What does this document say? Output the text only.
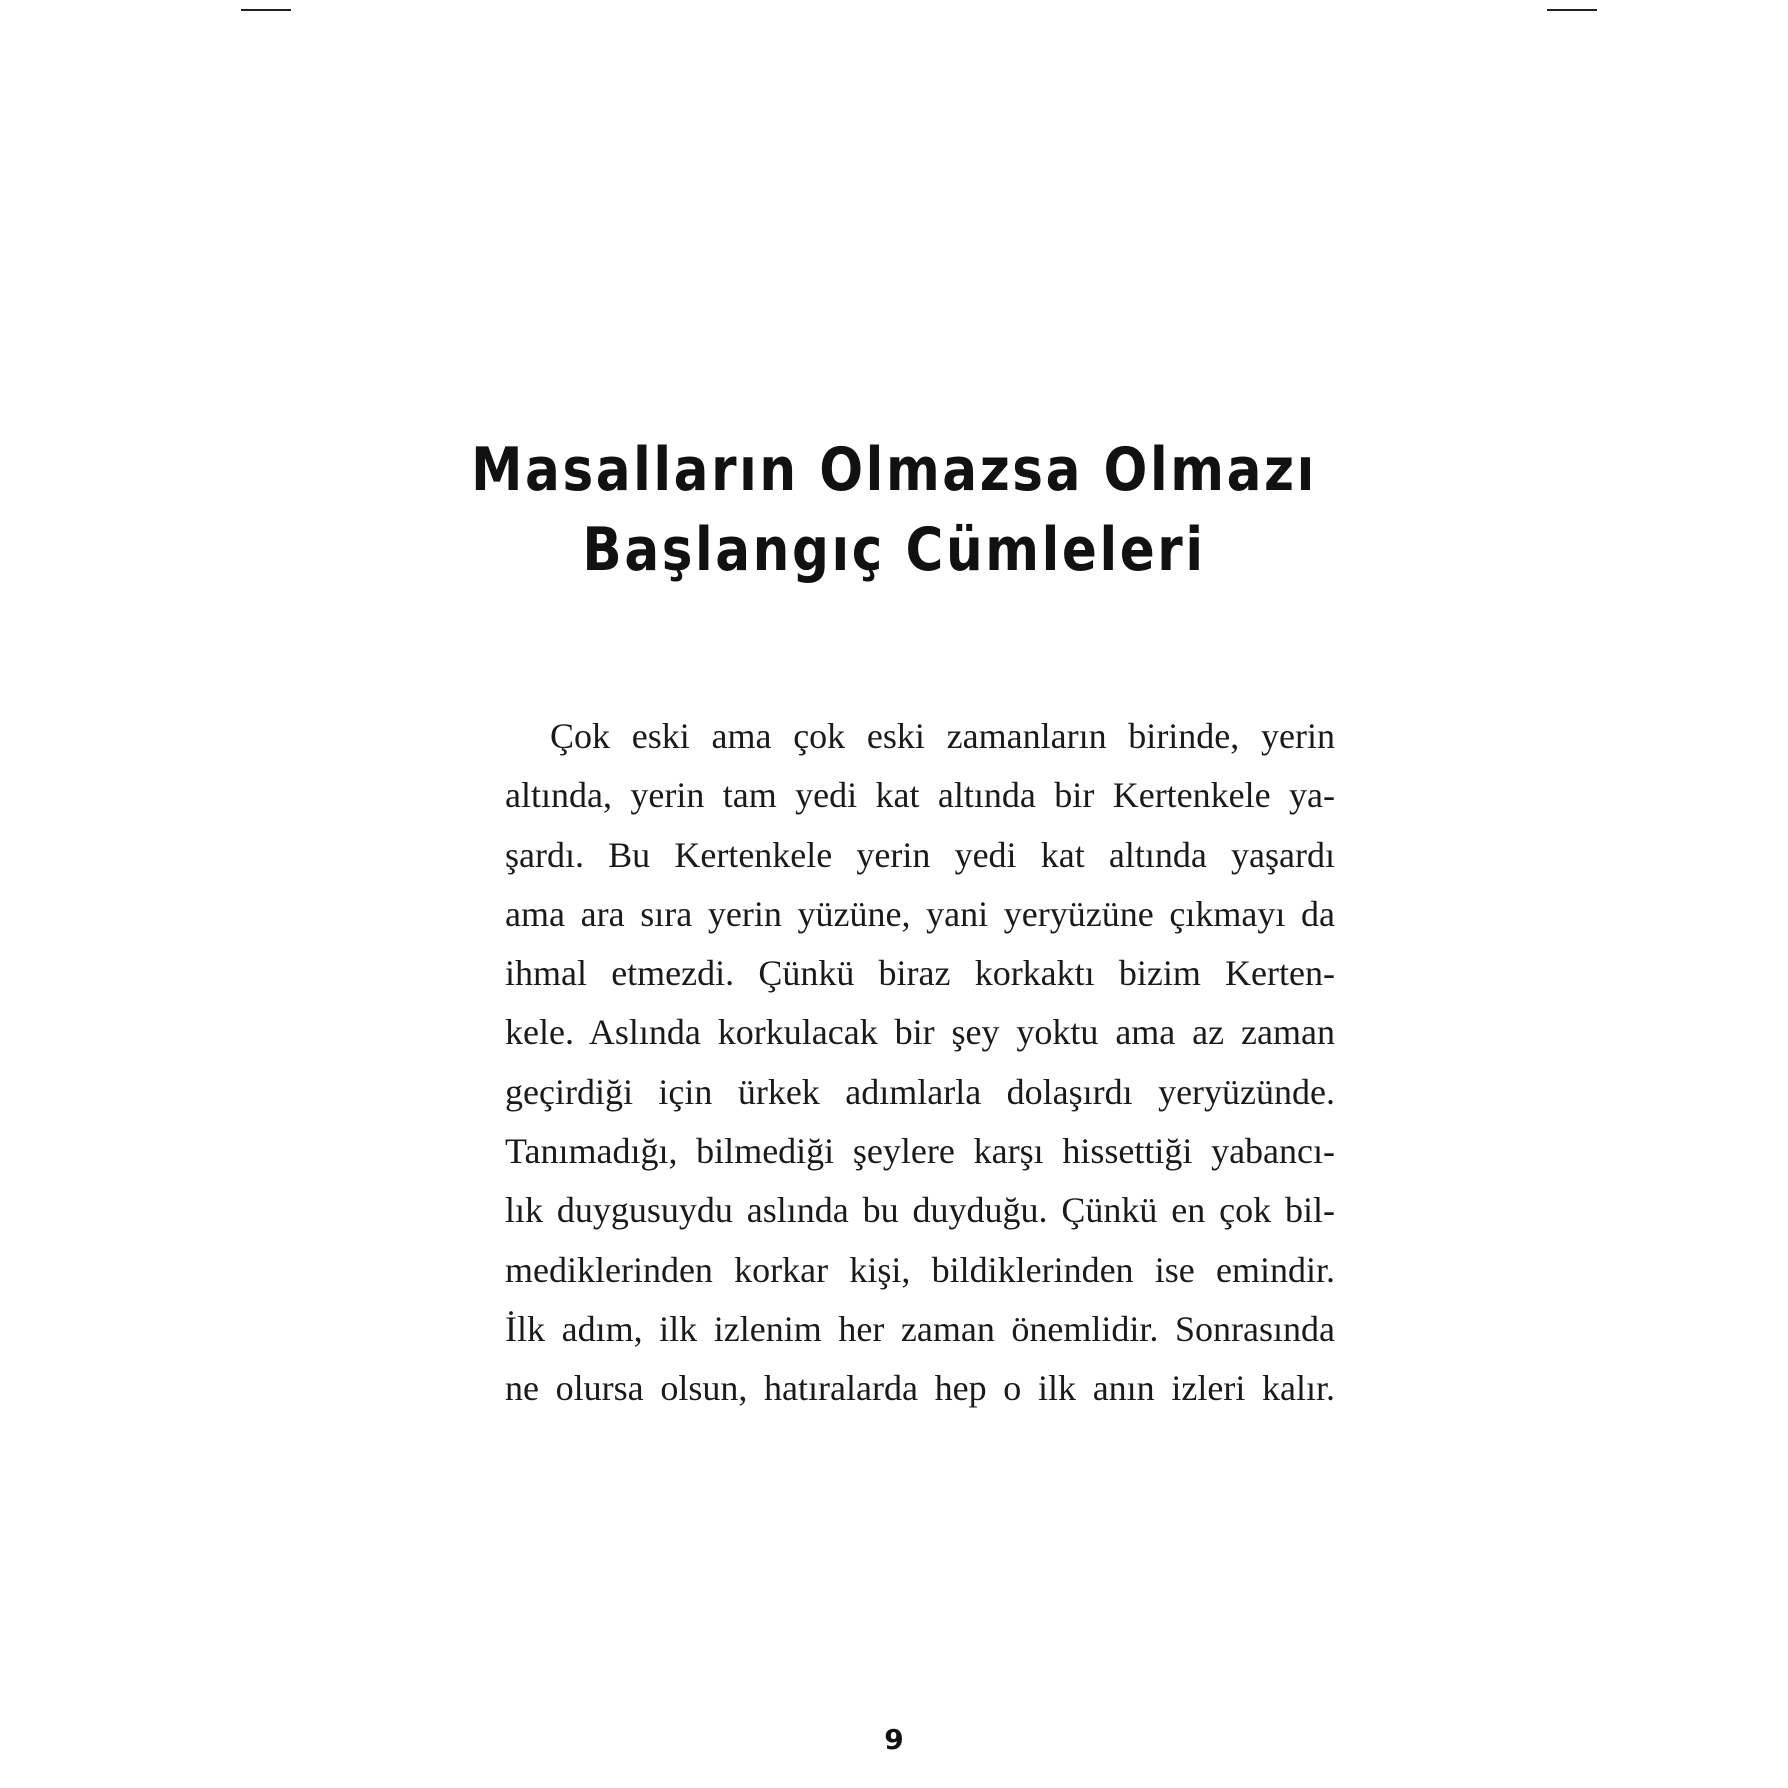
Masalların Olmazsa Olmazı
Başlangıç Cümleleri
Çok eski ama çok eski zamanların birinde, yerin
altında, yerin tam yedi kat altında bir Kertenkele ya-
şardı. Bu Kertenkele yerin yedi kat altında yaşardı
ama ara sıra yerin yüzüne, yani yeryüzüne çıkmayı da
ihmal etmezdi. Çünkü biraz korkaktı bizim Kerten-
kele. Aslında korkulacak bir şey yoktu ama az zaman
geçirdiği için ürkek adımlarla dolaşırdı yeryüzünde.
Tanımadığı, bilmediği şeylere karşı hissettiği yabancı-
lık duygusuydu aslında bu duyduğu. Çünkü en çok bil-
mediklerinden korkar kişi, bildiklerinden ise emindir.
İlk adım, ilk izlenim her zaman önemlidir. Sonrasında
ne olursa olsun, hatıralarda hep o ilk anın izleri kalır.
9
